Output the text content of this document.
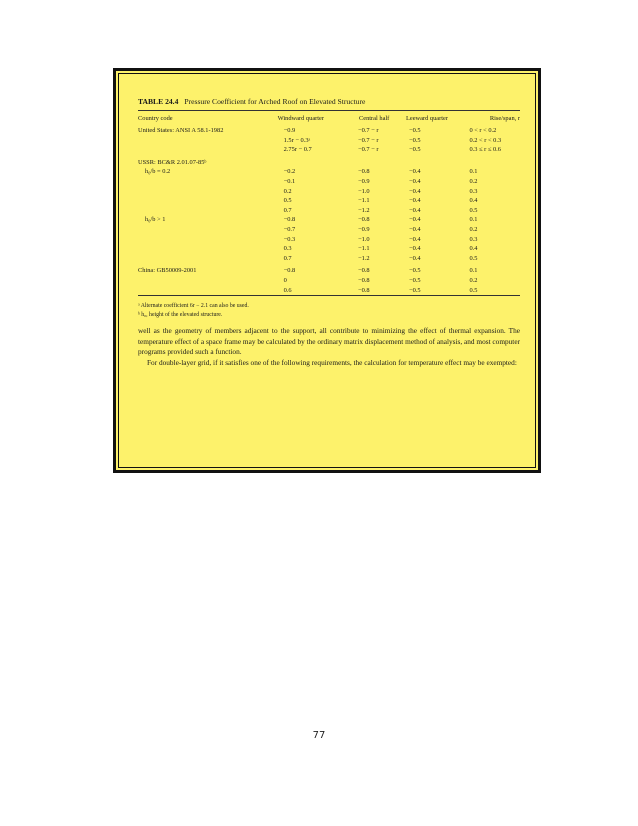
TABLE 24.4 Pressure Coefficient for Arched Roof on Elevated Structure
Country code	Windward quarter	Central half	Leeward quarter	Rise/span, r
United States: ANSI A 58.1-1982	−0.9	−0.7 − r	−0.5	0 < r < 0.2
	1.5r − 0.3ᵃ	−0.7 − r	−0.5	0.2 < r < 0.3
	2.75r − 0.7	−0.7 − r	−0.5	0.3 ≤ r ≤ 0.6
USSR: BC&R 2.01.07-85ᵇ				
h₀/b = 0.2	−0.2	−0.8	−0.4	0.1
	−0.1	−0.9	−0.4	0.2
	0.2	−1.0	−0.4	0.3
	0.5	−1.1	−0.4	0.4
	0.7	−1.2	−0.4	0.5
h₀/b > 1	−0.8	−0.8	−0.4	0.1
	−0.7	−0.9	−0.4	0.2
	−0.3	−1.0	−0.4	0.3
	0.3	−1.1	−0.4	0.4
	0.7	−1.2	−0.4	0.5
China: GB50009-2001	−0.8	−0.8	−0.5	0.1
	0	−0.8	−0.5	0.2
	0.6	−0.8	−0.5	0.5
ᵃ Alternate coefficient 6r − 2.1 can also be used.
ᵇ h₀, height of the elevated structure.

well as the geometry of members adjacent to the support, all contribute to minimizing the effect of thermal expansion. The temperature effect of a space frame may be calculated by the ordinary matrix displacement method of analysis, and most computer programs provided such a function.

For double-layer grid, if it satisfies one of the following requirements, the calculation for temperature effect may be exempted:

77
